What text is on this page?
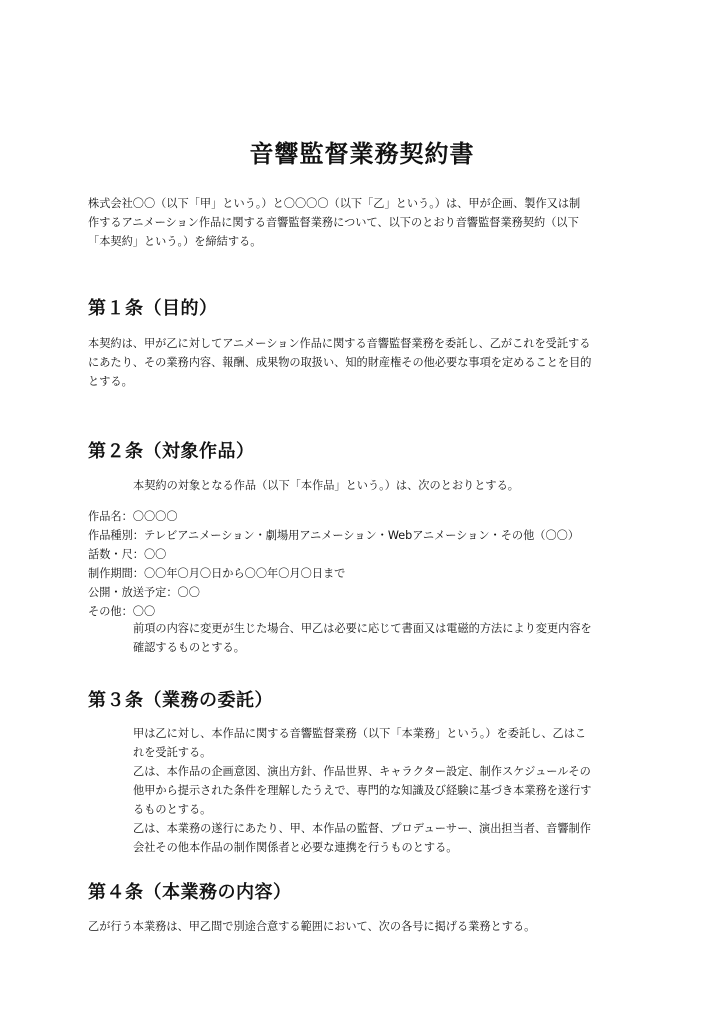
音響監督業務契約書

株式会社〇〇（以下「甲」という。）と〇〇〇〇（以下「乙」という。）は、甲が企画、製作又は制
作するアニメーション作品に関する音響監督業務について、以下のとおり音響監督業務契約（以下
「本契約」という。）を締結する。

第１条（目的）

本契約は、甲が乙に対してアニメーション作品に関する音響監督業務を委託し、乙がこれを受託する
にあたり、その業務内容、報酬、成果物の取扱い、知的財産権その他必要な事項を定めることを目的
とする。

第２条（対象作品）

本契約の対象となる作品（以下「本作品」という。）は、次のとおりとする。

作品名：〇〇〇〇
作品種別：テレビアニメーション・劇場用アニメーション・Webアニメーション・その他（〇〇）
話数・尺：〇〇
制作期間：〇〇年〇月〇日から〇〇年〇月〇日まで
公開・放送予定：〇〇
その他：〇〇

前項の内容に変更が生じた場合、甲乙は必要に応じて書面又は電磁的方法により変更内容を
確認するものとする。

第３条（業務の委託）

甲は乙に対し、本作品に関する音響監督業務（以下「本業務」という。）を委託し、乙はこ
れを受託する。
乙は、本作品の企画意図、演出方針、作品世界、キャラクター設定、制作スケジュールその
他甲から提示された条件を理解したうえで、専門的な知識及び経験に基づき本業務を遂行す
るものとする。
乙は、本業務の遂行にあたり、甲、本作品の監督、プロデューサー、演出担当者、音響制作
会社その他本作品の制作関係者と必要な連携を行うものとする。

第４条（本業務の内容）

乙が行う本業務は、甲乙間で別途合意する範囲において、次の各号に掲げる業務とする。
